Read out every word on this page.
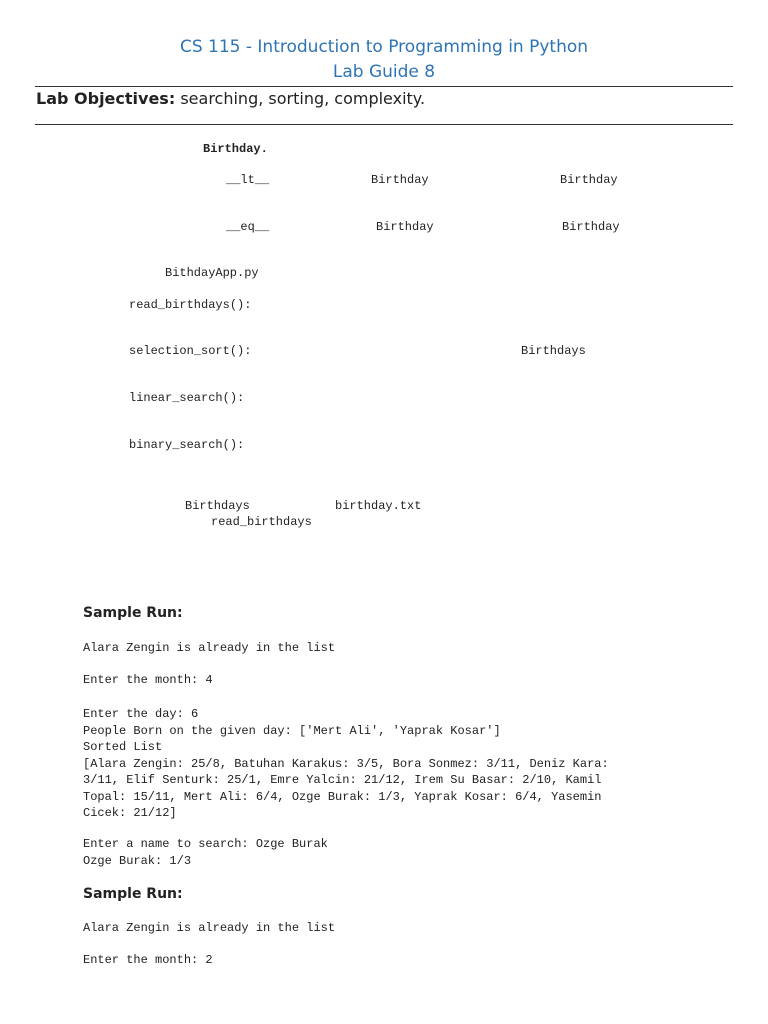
CS 115 - Introduction to Programming in Python
Lab Guide 8
Lab Objectives: searching, sorting, complexity.
Birthday.
__lt__	Birthday	Birthday
__eq__	Birthday	Birthday
BithdayApp.py
read_birthdays():
selection_sort():	Birthdays
linear_search():
binary_search():
Birthdays	birthday.txt
read_birthdays
Sample Run:
Alara Zengin is already in the list
Enter the month: 4
Enter the day: 6
People Born on the given day: ['Mert Ali', 'Yaprak Kosar']
Sorted List
[Alara Zengin: 25/8, Batuhan Karakus: 3/5, Bora Sonmez: 3/11, Deniz Kara:
3/11, Elif Senturk: 25/1, Emre Yalcin: 21/12, Irem Su Basar: 2/10, Kamil
Topal: 15/11, Mert Ali: 6/4, Ozge Burak: 1/3, Yaprak Kosar: 6/4, Yasemin
Cicek: 21/12]
Enter a name to search: Ozge Burak
Ozge Burak: 1/3
Sample Run:
Alara Zengin is already in the list
Enter the month: 2
